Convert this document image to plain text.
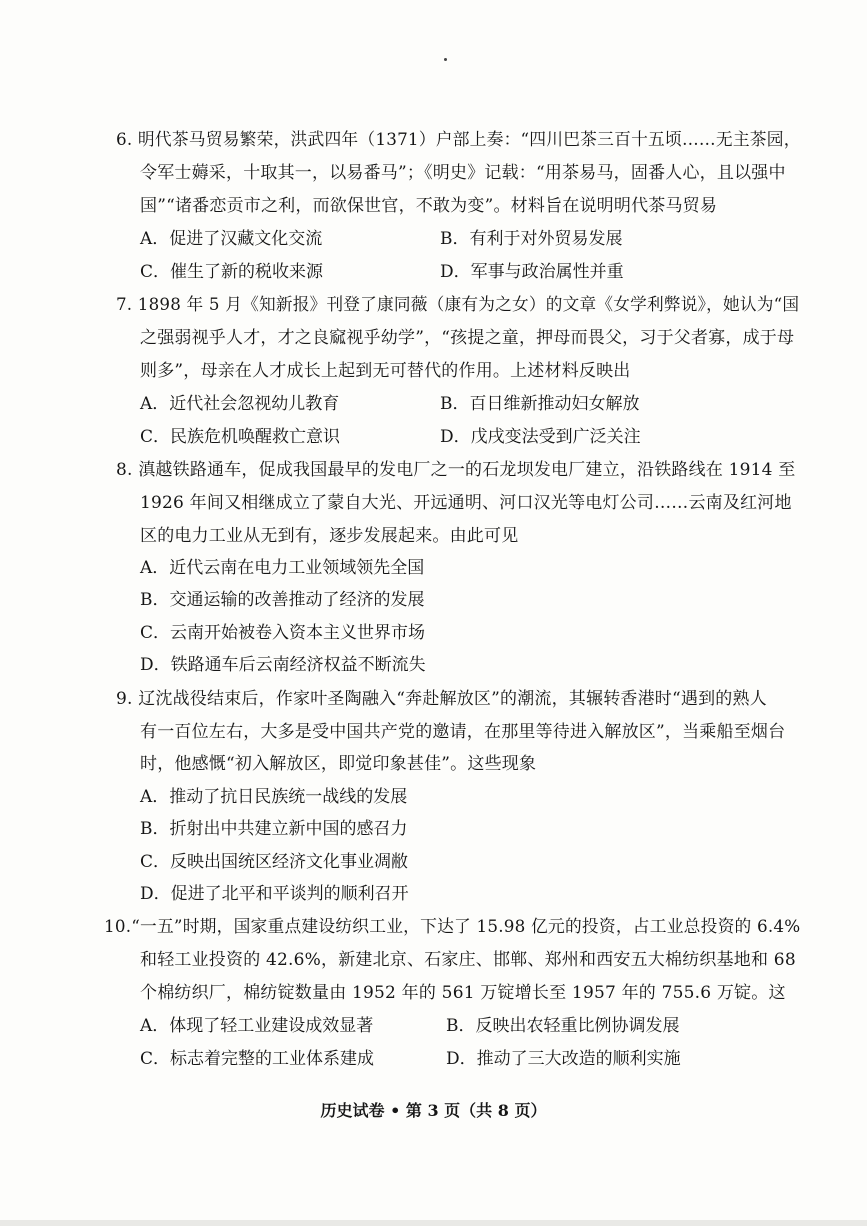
6. 明代茶马贸易繁荣，洪武四年（1371）户部上奏：“四川巴茶三百十五顷……无主茶园，
令军士薅采，十取其一，以易番马”；《明史》记载：“用茶易马，固番人心，且以强中
国”“诸番恋贡市之利，而欲保世官，不敢为变”。材料旨在说明明代茶马贸易
A．促进了汉藏文化交流	B．有利于对外贸易发展
C．催生了新的税收来源	D．军事与政治属性并重
7. 1898 年 5 月《知新报》刊登了康同薇（康有为之女）的文章《女学利弊说》，她认为“国
之强弱视乎人才，才之良窳视乎幼学”，“孩提之童，押母而畏父，习于父者寡，成于母
则多”，母亲在人才成长上起到无可替代的作用。上述材料反映出
A．近代社会忽视幼儿教育	B．百日维新推动妇女解放
C．民族危机唤醒救亡意识	D．戊戌变法受到广泛关注
8. 滇越铁路通车，促成我国最早的发电厂之一的石龙坝发电厂建立，沿铁路线在 1914 至
1926 年间又相继成立了蒙自大光、开远通明、河口汉光等电灯公司……云南及红河地
区的电力工业从无到有，逐步发展起来。由此可见
A．近代云南在电力工业领域领先全国
B．交通运输的改善推动了经济的发展
C．云南开始被卷入资本主义世界市场
D．铁路通车后云南经济权益不断流失
9. 辽沈战役结束后，作家叶圣陶融入“奔赴解放区”的潮流，其辗转香港时“遇到的熟人
有一百位左右，大多是受中国共产党的邀请，在那里等待进入解放区”，当乘船至烟台
时，他感慨“初入解放区，即觉印象甚佳”。这些现象
A．推动了抗日民族统一战线的发展
B．折射出中共建立新中国的感召力
C．反映出国统区经济文化事业凋敝
D．促进了北平和平谈判的顺利召开
10.“一五”时期，国家重点建设纺织工业，下达了 15.98 亿元的投资，占工业总投资的 6.4%
和轻工业投资的 42.6%，新建北京、石家庄、邯郸、郑州和西安五大棉纺织基地和 68
个棉纺织厂，棉纺锭数量由 1952 年的 561 万锭增长至 1957 年的 755.6 万锭。这
A．体现了轻工业建设成效显著	B．反映出农轻重比例协调发展
C．标志着完整的工业体系建成	D．推动了三大改造的顺利实施
历史试卷 • 第 3 页（共 8 页）
